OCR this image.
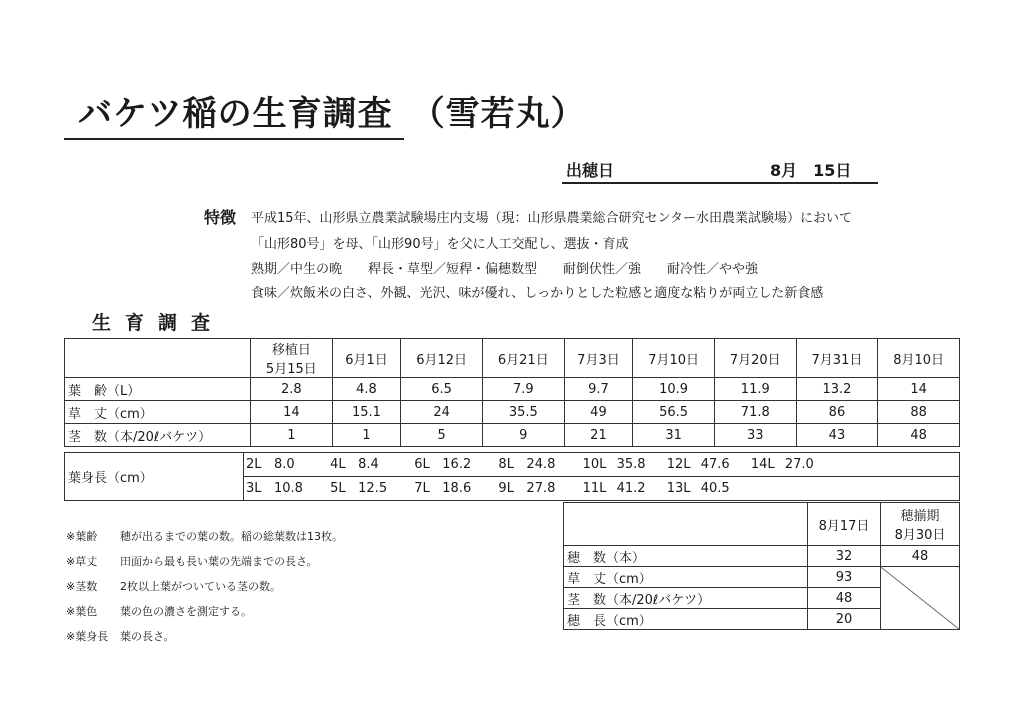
バケツ稲の生育調査　（雪若丸）
出穂日	8月　15日
特徴 平成15年、山形県立農業試験場庄内支場（現：山形県農業総合研究センター水田農業試験場）において
「山形80号」を母、「山形90号」を父に人工交配し、選抜・育成
熟期／中生の晩　　稈長・草型／短稈・偏穂数型　　耐倒伏性／強　　耐冷性／やや強
食味／炊飯米の白さ、外観、光沢、味が優れ、しっかりとした粒感と適度な粘りが両立した新食感
生育調査

	移植日
5月15日	6月1日	6月12日	6月21日	7月3日	7月10日	7月20日	7月31日	8月10日
葉　齢（L）	2.8	4.8	6.5	7.9	9.7	10.9	11.9	13.2	14
草　丈（cm）	14	15.1	24	35.5	49	56.5	71.8	86	88
茎　数（本/20ℓバケツ）	1	1	5	9	21	31	33	43	48
葉身長（cm）	2L 8.0	4L 8.4	6L 16.2 8L 24.8 10L 35.8 12L 47.6 14L 27.0
3L 10.8 5L 12.5 7L 18.6 9L 27.8 11L 41.2 13L 40.5
※葉齢 穂が出るまでの葉の数。稲の総葉数は13枚。
※草丈 田面から最も長い葉の先端までの長さ。
※茎数 2枚以上葉がついている茎の数。
※葉色 葉の色の濃さを測定する。
※葉身長 葉の長さ。
	8月17日	穂揃期
8月30日

穂　数（本）	32	48
草　丈（cm）	93	
茎　数（本/20ℓバケツ）	48	
穂　長（cm）	20	
